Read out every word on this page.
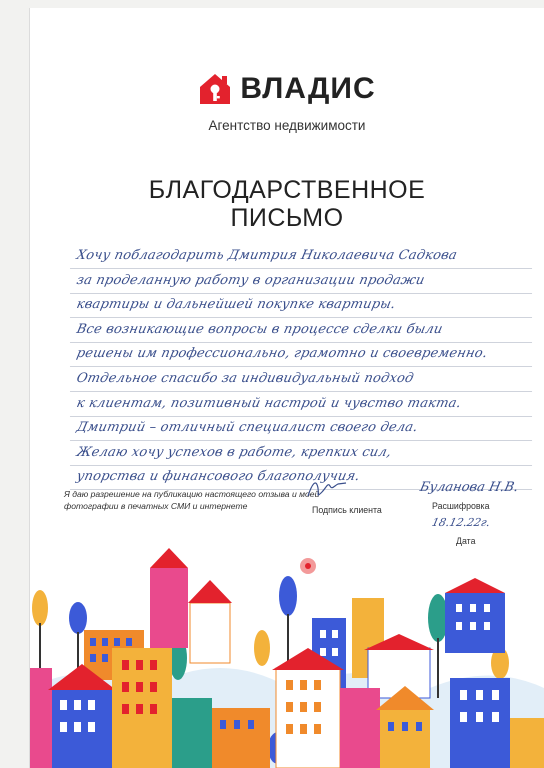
ВЛАДИС
Агентство недвижимости
БЛАГОДАРСТВЕННОЕ
ПИСЬМО
Хочу поблагодарить Дмитрия Николаевича Садкова
за проделанную работу в организации продажи
квартиры и дальнейшей покупке квартиры.
Все возникающие вопросы в процессе сделки были
решены им профессионально, грамотно и своевременно.
Отдельное спасибо за индивидуальный подход
к клиентам, позитивный настрой и чувство такта.
Дмитрий – отличный специалист своего дела.
Желаю хочу успехов в работе, крепких сил,
упорства и финансового благополучия.
Я даю разрешение на публикацию настоящего отзыва и моей фотографии в печатных СМИ и интернете	Подпись клиента
Буланова Н.В.
Расшифровка
18.12.22г.
Дата
